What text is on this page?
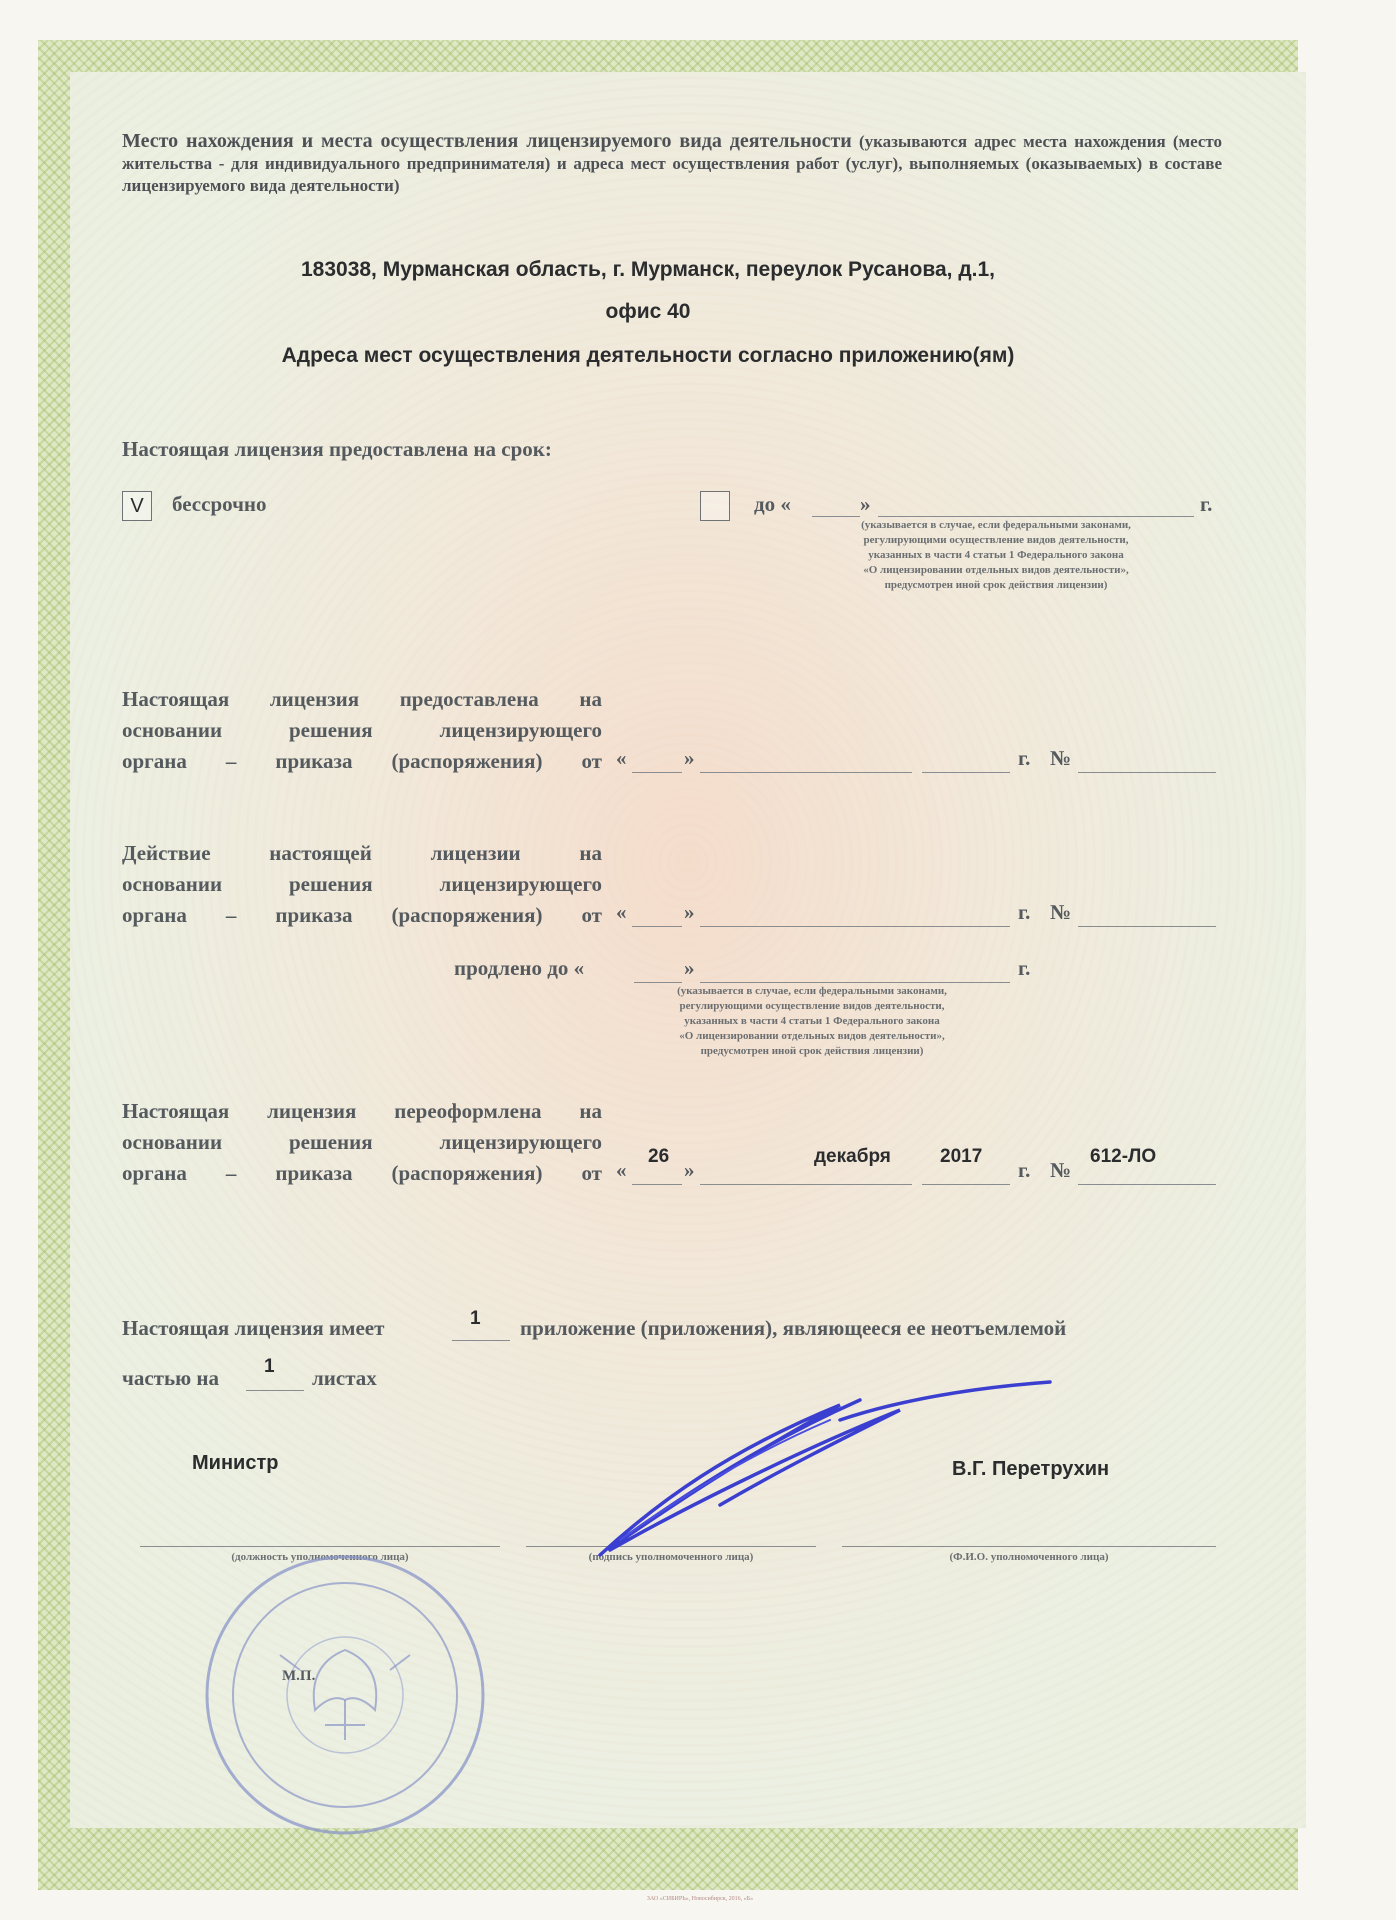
Место нахождения и места осуществления лицензируемого вида деятельности (указываются адрес места нахождения (место жительства - для индивидуального предпринимателя) и адреса мест осуществления работ (услуг), выполняемых (оказываемых) в составе лицензируемого вида деятельности)
183038, Мурманская область, г. Мурманск, переулок Русанова, д.1,
офис 40
Адреса мест осуществления деятельности согласно приложению(ям)
Настоящая лицензия предоставлена на срок:
V	бессрочно	до «	»	г.
(указывается в случае, если федеральными законами,
регулирующими осуществление видов деятельности,
указанных в части 4 статьи 1 Федерального закона
«О лицензировании отдельных видов деятельности»,
предусмотрен иной срок действия лицензии)
Настоящая лицензия предоставлена на
основании решения лицензирующего
органа – приказа (распоряжения) от «	»	г. №
Действие настоящей лицензии на
основании решения лицензирующего
органа – приказа (распоряжения) от «	»	г. №
продлено до «	»	г.
(указывается в случае, если федеральными законами,
регулирующими осуществление видов деятельности,
указанных в части 4 статьи 1 Федерального закона
«О лицензировании отдельных видов деятельности»,
предусмотрен иной срок действия лицензии)
Настоящая лицензия переоформлена на
основании решения лицензирующего
органа – приказа (распоряжения) от «
26
»
декабря	2017
г. №
612-ЛО
Настоящая лицензия имеет	1 приложение (приложения), являющееся ее неотъемлемой
частью на 1 листах
Министр	В.Г. Перетрухин
(должность уполномоченного лица)	(подпись уполномоченного лица)	(Ф.И.О. уполномоченного лица)
М.П.
ЗАО «СИБИРЬ», Новосибирск, 2016, «Б»
